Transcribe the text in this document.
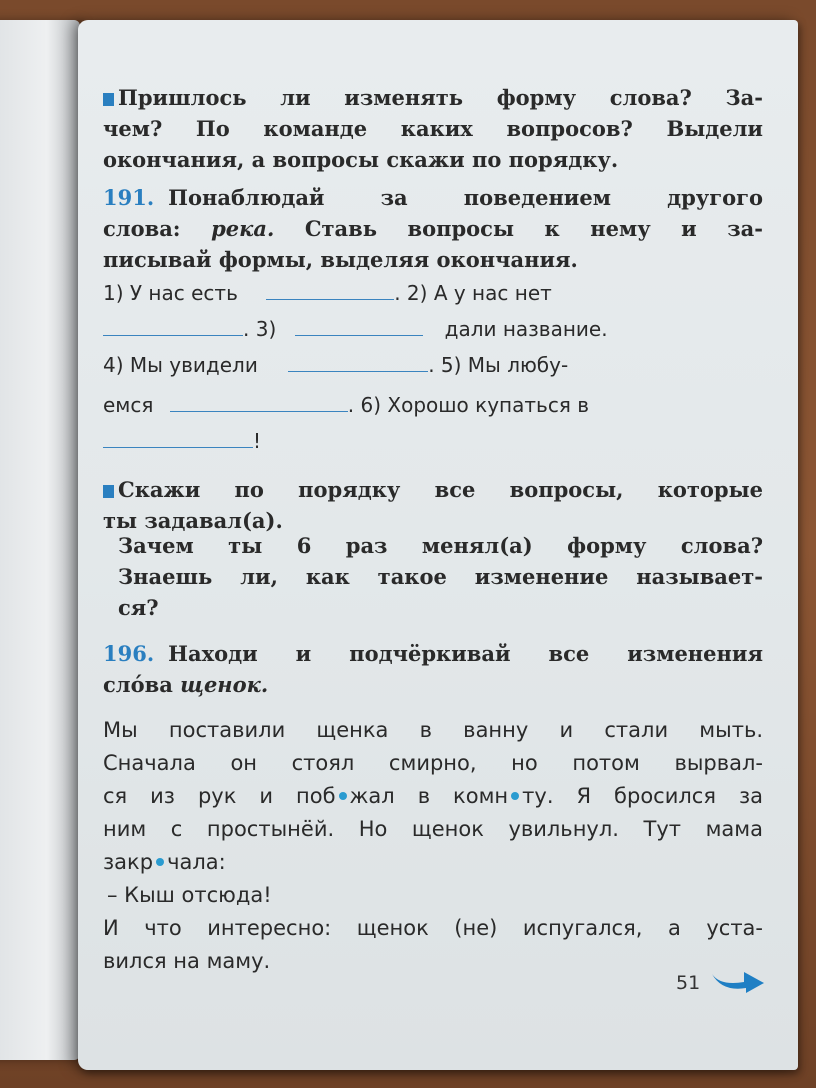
Пришлось ли изменять форму слова? За-
чем? По команде каких вопросов? Выдели
окончания, а вопросы скажи по порядку.
191. Понаблюдай за поведением другого
слова: река. Ставь вопросы к нему и за-
писывай формы, выделяя окончания.
1) У нас есть	. 2) А у нас нет
. 3)	дали название.
4) Мы увидели	. 5) Мы любу-
емся	. 6) Хорошо купаться в
!
Скажи по порядку все вопросы, которые
ты задавал(а).
Зачем ты 6 раз менял(а) форму слова?
Знаешь ли, как такое изменение называет-
ся?
196. Находи и подчёркивай все изменения
сло́ва щенок.
Мы поставили щенка в ванну и стали мыть.
Сначала он стоял смирно, но потом вырвал-
ся из рук и поб жал в комн ту. Я бросился за
ним с простынёй. Но щенок увильнул. Тут мама
закр чала:
– Кыш отсюда!
И что интересно: щенок (не) испугался, а уста-
вился на маму.
51
